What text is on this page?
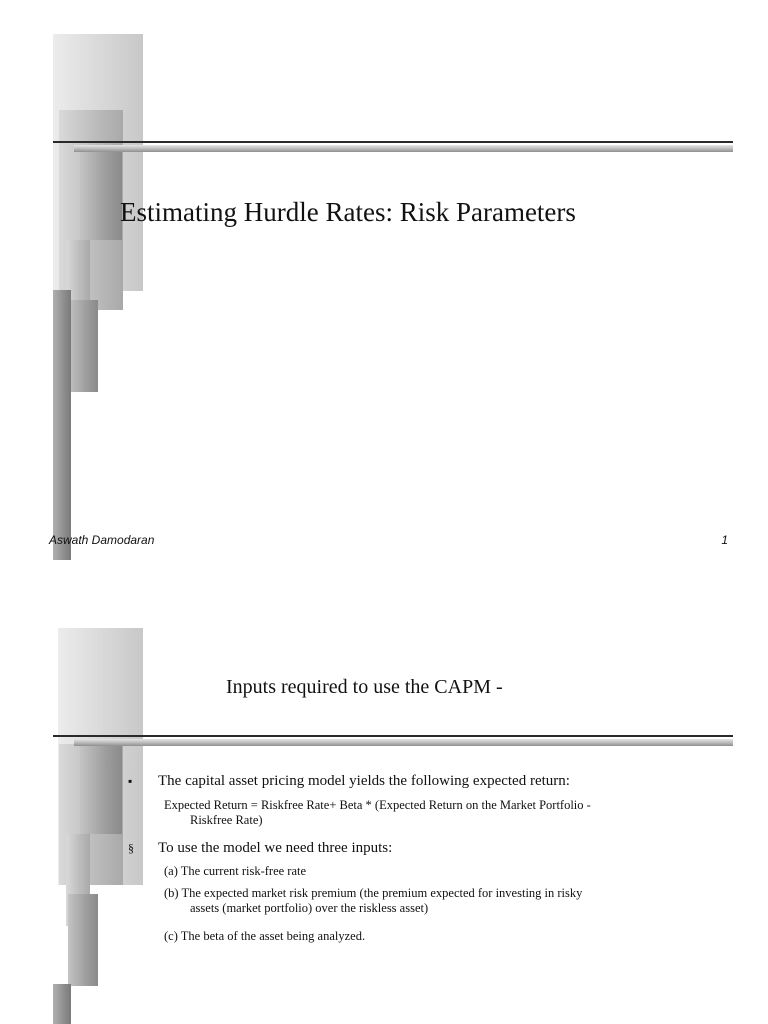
Estimating Hurdle Rates: Risk Parameters
Aswath Damodaran	1
Inputs required to use the CAPM -
▪	The capital asset pricing model yields the following expected return:
Expected Return = Riskfree Rate+ Beta * (Expected Return on the Market Portfolio -
Riskfree Rate)
§	To use the model we need three inputs:
(a) The current risk-free rate
(b) The expected market risk premium (the premium expected for investing in risky
assets (market portfolio) over the riskless asset)
(c) The beta of the asset being analyzed.
